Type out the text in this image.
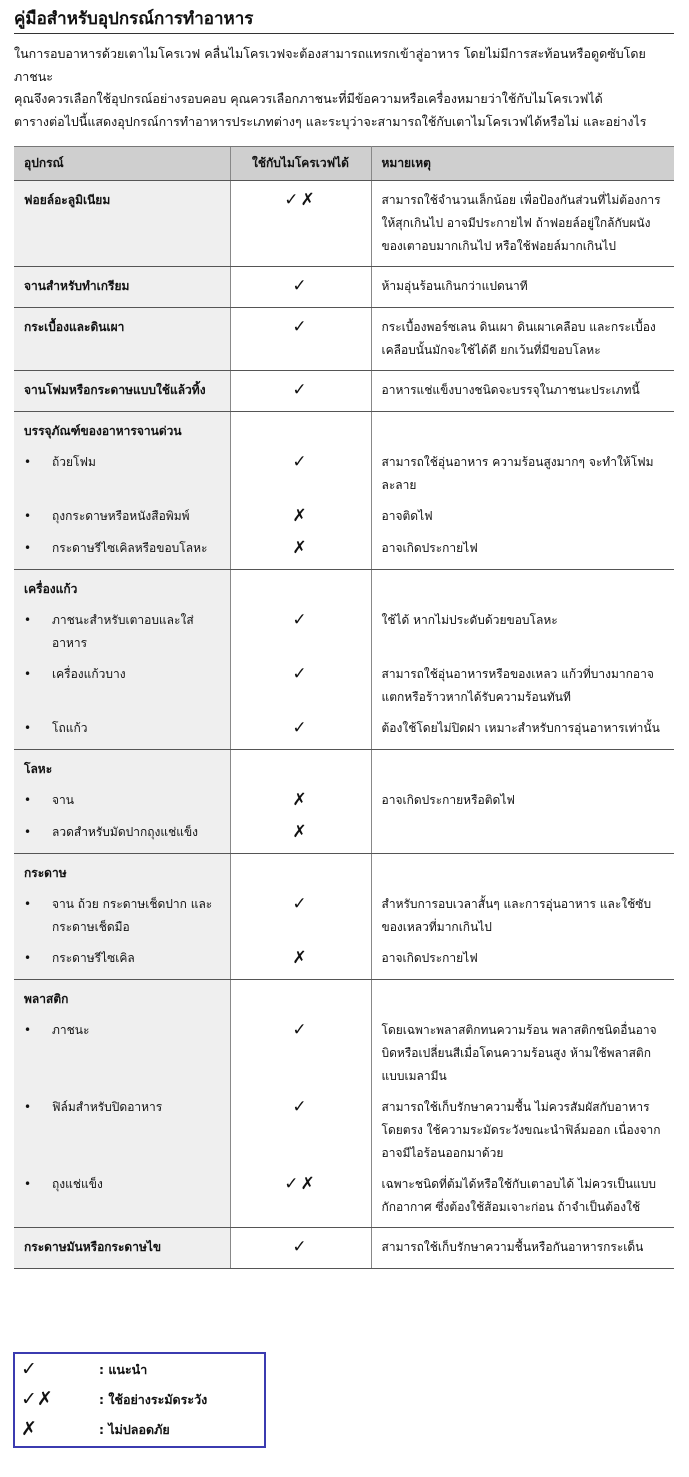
คู่มือสำหรับอุปกรณ์การทำอาหาร

ในการอบอาหารด้วยเตาไมโครเวฟ คลื่นไมโครเวฟจะต้องสามารถแทรกเข้าสู่อาหาร โดยไม่มีการสะท้อนหรือดูดซับโดยภาชนะ

คุณจึงควรเลือกใช้อุปกรณ์อย่างรอบคอบ คุณควรเลือกภาชนะที่มีข้อความหรือเครื่องหมายว่าใช้กับไมโครเวฟได้

ตารางต่อไปนี้แสดงอุปกรณ์การทำอาหารประเภทต่างๆ และระบุว่าจะสามารถใช้กับเตาไมโครเวฟได้หรือไม่ และอย่างไร

อุปกรณ์	ใช้กับไมโครเวฟได้	หมายเหตุ
ฟอยล์อะลูมิเนียม	✓✗	สามารถใช้จำนวนเล็กน้อย เพื่อป้องกันส่วนที่ไม่ต้องการให้สุกเกินไป อาจมีประกายไฟ ถ้าฟอยล์อยู่ใกล้กับผนังของเตาอบมากเกินไป หรือใช้ฟอยล์มากเกินไป
จานสำหรับทำเกรียม	✓	ห้ามอุ่นร้อนเกินกว่าแปดนาที
กระเบื้องและดินเผา	✓	กระเบื้องพอร์ซเลน ดินเผา ดินเผาเคลือบ และกระเบื้องเคลือบนั้นมักจะใช้ได้ดี ยกเว้นที่มีขอบโลหะ
จานโฟมหรือกระดาษแบบใช้แล้วทิ้ง	✓	อาหารแช่แข็งบางชนิดจะบรรจุในภาชนะประเภทนี้
บรรจุภัณฑ์ของอาหารจานด่วน		
• ถ้วยโฟม	✓	สามารถใช้อุ่นอาหาร ความร้อนสูงมากๆ จะทำให้โฟมละลาย
• ถุงกระดาษหรือหนังสือพิมพ์	✗	อาจติดไฟ
• กระดาษรีไซเคิลหรือขอบโลหะ	✗	อาจเกิดประกายไฟ
เครื่องแก้ว		
• ภาชนะสำหรับเตาอบและใส่อาหาร	✓	ใช้ได้ หากไม่ประดับด้วยขอบโลหะ
• เครื่องแก้วบาง	✓	สามารถใช้อุ่นอาหารหรือของเหลว แก้วที่บางมากอาจแตกหรือร้าวหากได้รับความร้อนทันที
• โถแก้ว	✓	ต้องใช้โดยไม่ปิดฝา เหมาะสำหรับการอุ่นอาหารเท่านั้น
โลหะ		
• จาน	✗	อาจเกิดประกายหรือติดไฟ
• ลวดสำหรับมัดปากถุงแช่แข็ง	✗	
กระดาษ		
• จาน ถ้วย กระดาษเช็ดปาก และกระดาษเช็ดมือ	✓	สำหรับการอบเวลาสั้นๆ และการอุ่นอาหาร และใช้ซับของเหลวที่มากเกินไป
• กระดาษรีไซเคิล	✗	อาจเกิดประกายไฟ
พลาสติก		
• ภาชนะ	✓	โดยเฉพาะพลาสติกทนความร้อน พลาสติกชนิดอื่นอาจบิดหรือเปลี่ยนสีเมื่อโดนความร้อนสูง ห้ามใช้พลาสติกแบบเมลามีน
• ฟิล์มสำหรับปิดอาหาร	✓	สามารถใช้เก็บรักษาความชื้น ไม่ควรสัมผัสกับอาหารโดยตรง ใช้ความระมัดระวังขณะนำฟิล์มออก เนื่องจากอาจมีไอร้อนออกมาด้วย
• ถุงแช่แข็ง	✓✗	เฉพาะชนิดที่ต้มได้หรือใช้กับเตาอบได้ ไม่ควรเป็นแบบกักอากาศ ซึ่งต้องใช้ส้อมเจาะก่อน ถ้าจำเป็นต้องใช้
กระดาษมันหรือกระดาษไข	✓	สามารถใช้เก็บรักษาความชื้นหรือกันอาหารกระเด็น
✓	: แนะนำ
✓✗	: ใช้อย่างระมัดระวัง
✗	: ไม่ปลอดภัย
